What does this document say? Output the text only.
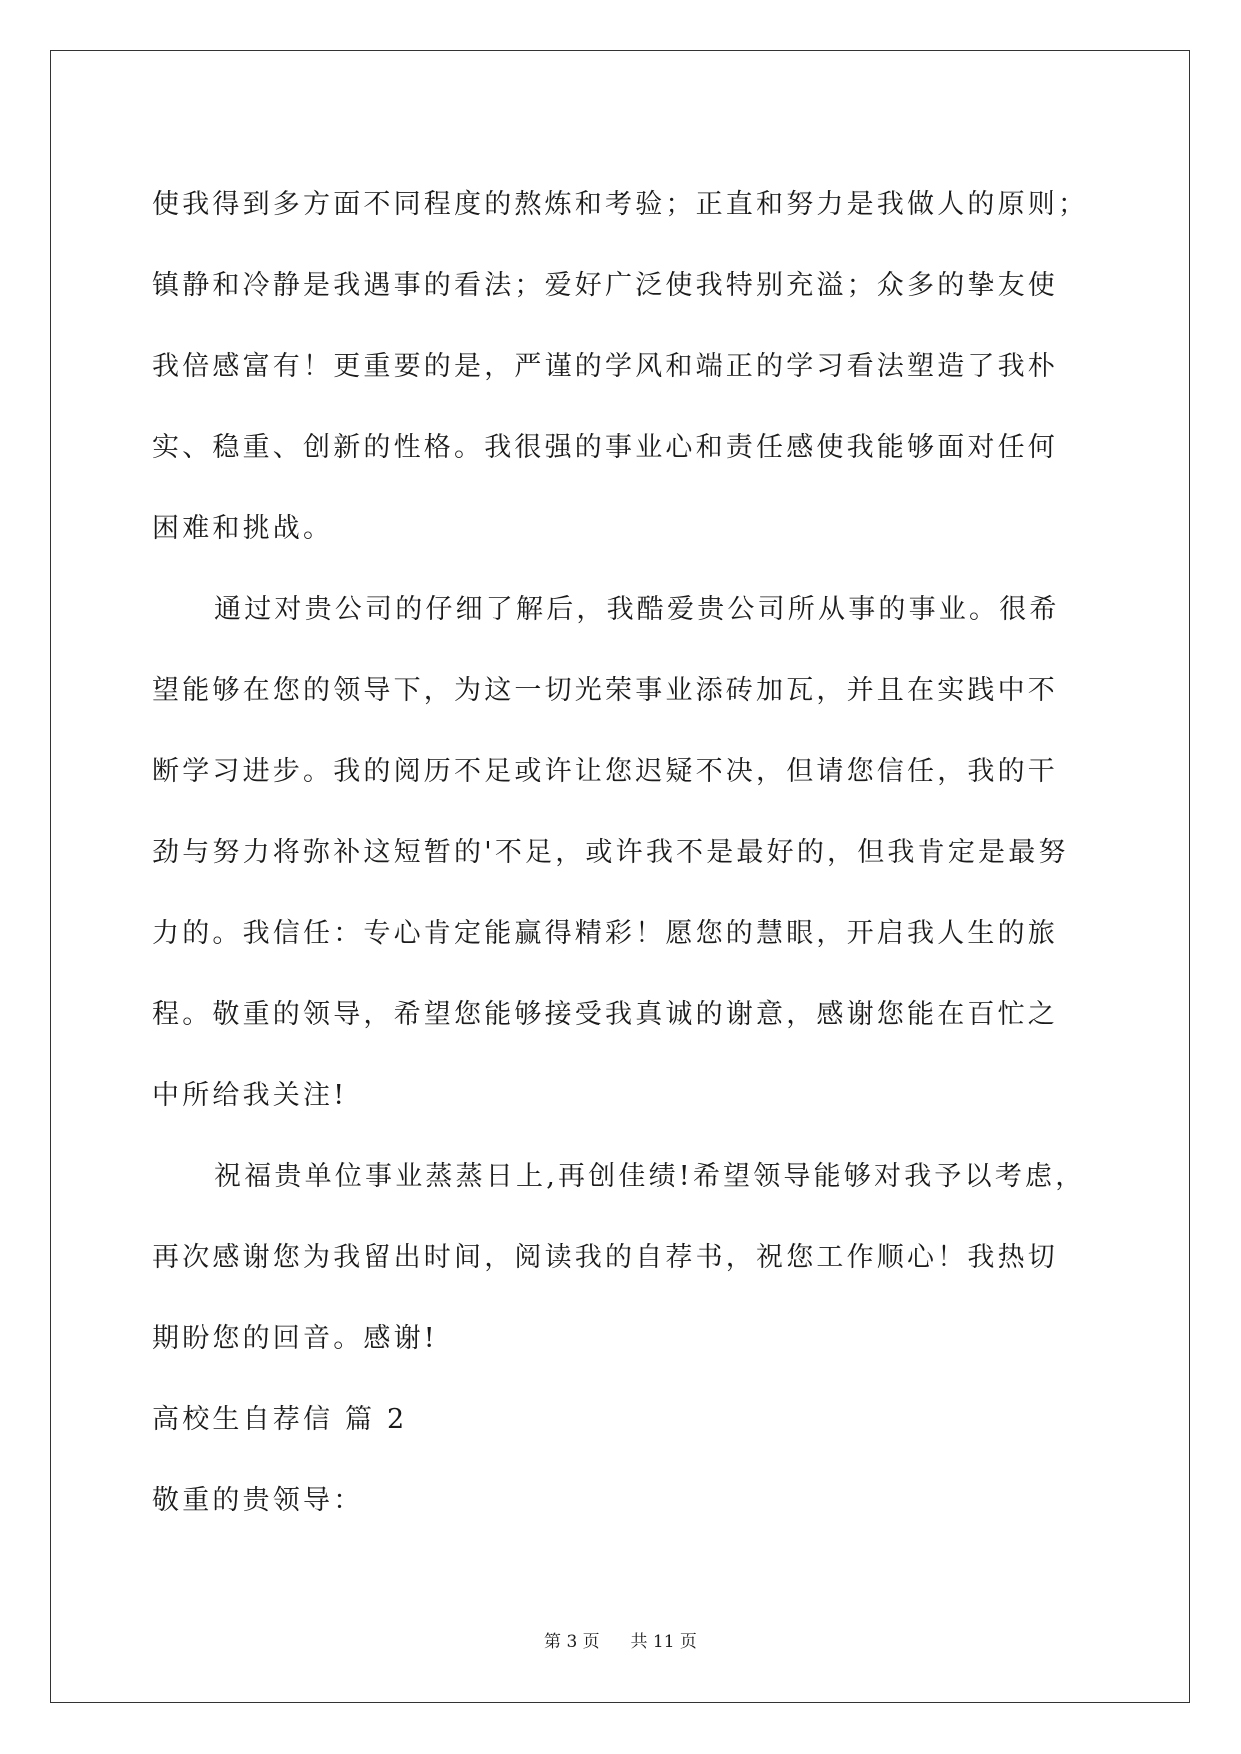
使我得到多方面不同程度的熬炼和考验；正直和努力是我做人的原则；
镇静和冷静是我遇事的看法；爱好广泛使我特别充溢；众多的挚友使
我倍感富有！更重要的是，严谨的学风和端正的学习看法塑造了我朴
实、稳重、创新的性格。我很强的事业心和责任感使我能够面对任何
困难和挑战。
通过对贵公司的仔细了解后，我酷爱贵公司所从事的事业。很希
望能够在您的领导下，为这一切光荣事业添砖加瓦，并且在实践中不
断学习进步。我的阅历不足或许让您迟疑不决，但请您信任，我的干
劲与努力将弥补这短暂的'不足，或许我不是最好的，但我肯定是最努
力的。我信任：专心肯定能赢得精彩！愿您的慧眼，开启我人生的旅
程。敬重的领导，希望您能够接受我真诚的谢意，感谢您能在百忙之
中所给我关注!
祝福贵单位事业蒸蒸日上,再创佳绩!希望领导能够对我予以考虑，
再次感谢您为我留出时间，阅读我的自荐书，祝您工作顺心！我热切
期盼您的回音。感谢!
高校生自荐信 篇 2
敬重的贵领导：
第 3 页 共 11 页
